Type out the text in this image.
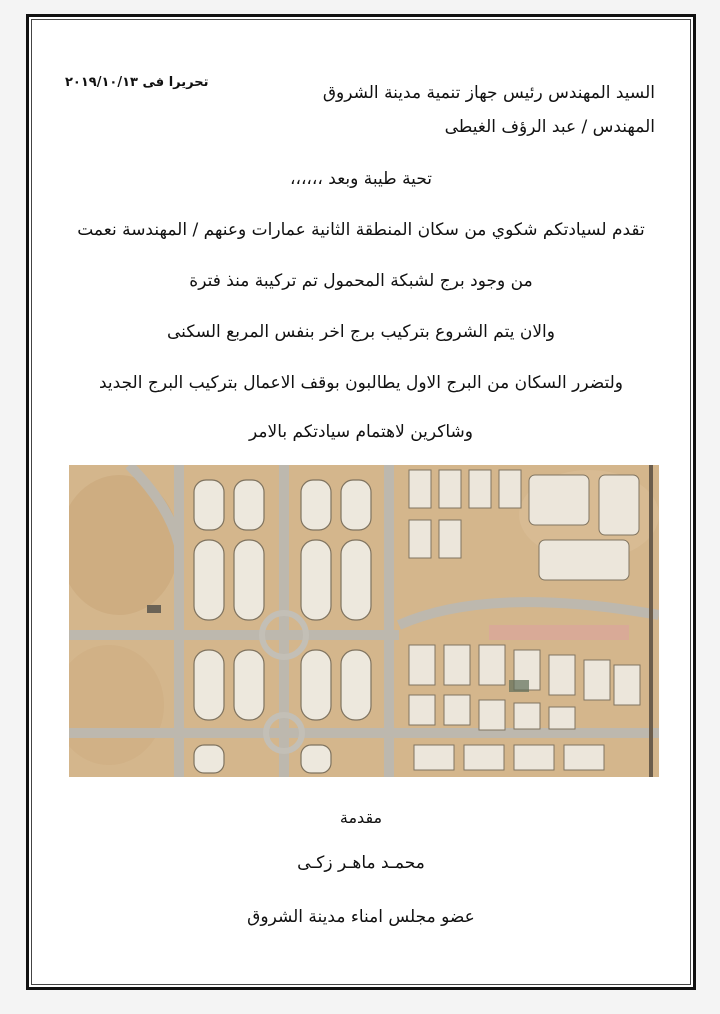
تحريرا فى ٢٠١٩/١٠/١٣
السيد المهندس رئيس جهاز تنمية مدينة الشروق
المهندس / عبد الرؤف الغيطى
تحية طيبة وبعد ،،،،،،
تقدم لسيادتكم شكوي من سكان المنطقة الثانية عمارات وعنهم / المهندسة نعمت
من وجود برج لشبكة المحمول تم تركيبة منذ فترة
والان يتم الشروع بتركيب برج اخر بنفس المربع السكنى
ولتضرر السكان من البرج الاول يطالبون بوقف الاعمال بتركيب البرج الجديد
وشاكرين لاهتمام سيادتكم بالامر
مقدمة
محمـد ماهـر زكـى
عضو مجلس امناء مدينة الشروق
